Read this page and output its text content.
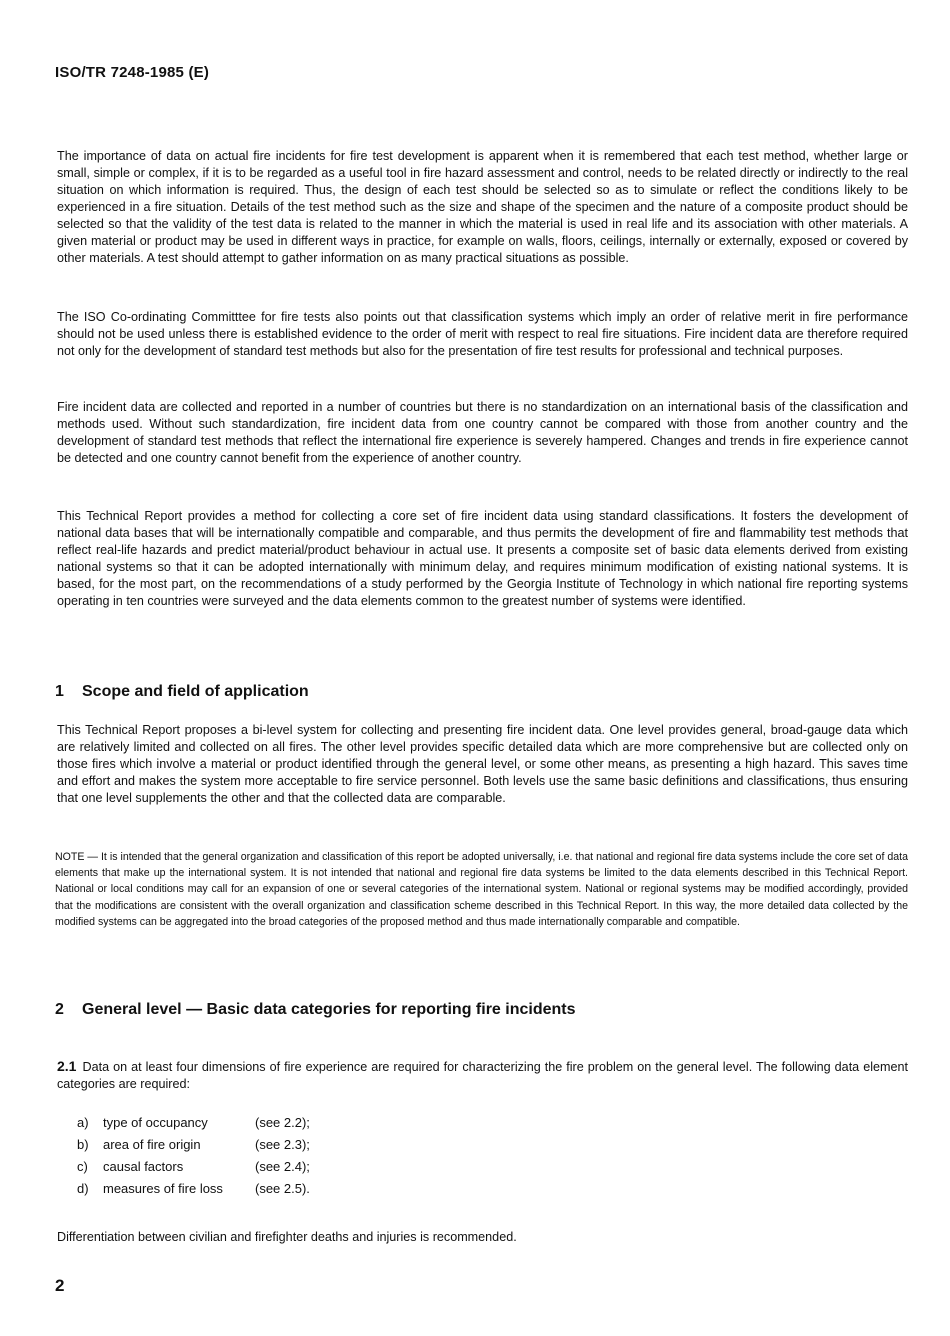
ISO/TR 7248-1985 (E)

The importance of data on actual fire incidents for fire test development is apparent when it is remembered that each test method, whether large or small, simple or complex, if it is to be regarded as a useful tool in fire hazard assessment and control, needs to be related directly or indirectly to the real situation on which information is required. Thus, the design of each test should be selected so as to simulate or reflect the conditions likely to be experienced in a fire situation. Details of the test method such as the size and shape of the specimen and the nature of a composite product should be selected so that the validity of the test data is related to the manner in which the material is used in real life and its association with other materials. A given material or product may be used in different ways in practice, for example on walls, floors, ceilings, internally or externally, exposed or covered by other materials. A test should attempt to gather information on as many practical situations as possible.

The ISO Co-ordinating Committtee for fire tests also points out that classification systems which imply an order of relative merit in fire performance should not be used unless there is established evidence to the order of merit with respect to real fire situations. Fire incident data are therefore required not only for the development of standard test methods but also for the presentation of fire test results for professional and technical purposes.

Fire incident data are collected and reported in a number of countries but there is no standardization on an international basis of the classification and methods used. Without such standardization, fire incident data from one country cannot be compared with those from another country and the development of standard test methods that reflect the international fire experience is severely hampered. Changes and trends in fire experience cannot be detected and one country cannot benefit from the experience of another country.

This Technical Report provides a method for collecting a core set of fire incident data using standard classifications. It fosters the development of national data bases that will be internationally compatible and comparable, and thus permits the development of fire and flammability test methods that reflect real-life hazards and predict material/product behaviour in actual use. It presents a composite set of basic data elements derived from existing national systems so that it can be adopted internationally with minimum delay, and requires minimum modification of existing national systems. It is based, for the most part, on the recommendations of a study performed by the Georgia Institute of Technology in which national fire reporting systems operating in ten countries were surveyed and the data elements common to the greatest number of systems were identified.

1 Scope and field of application

This Technical Report proposes a bi-level system for collecting and presenting fire incident data. One level provides general, broad-gauge data which are relatively limited and collected on all fires. The other level provides specific detailed data which are more comprehensive but are collected only on those fires which involve a material or product identified through the general level, or some other means, as presenting a high hazard. This saves time and effort and makes the system more acceptable to fire service personnel. Both levels use the same basic definitions and classifications, thus ensuring that one level supplements the other and that the collected data are comparable.

NOTE — It is intended that the general organization and classification of this report be adopted universally, i.e. that national and regional fire data systems include the core set of data elements that make up the international system. It is not intended that national and regional fire data systems be limited to the data elements described in this Technical Report. National or local conditions may call for an expansion of one or several categories of the international system. National or regional systems may be modified accordingly, provided that the modifications are consistent with the overall organization and classification scheme described in this Technical Report. In this way, the more detailed data collected by the modified systems can be aggregated into the broad categories of the proposed method and thus made internationally comparable and compatible.

2 General level — Basic data categories for reporting fire incidents

2.1 Data on at least four dimensions of fire experience are required for characterizing the fire problem on the general level. The following data element categories are required:

a)	type of occupancy	(see 2.2);
b)	area of fire origin	(see 2.3);
c)	causal factors	(see 2.4);
d)	measures of fire loss	(see 2.5).
Differentiation between civilian and firefighter deaths and injuries is recommended.
2
